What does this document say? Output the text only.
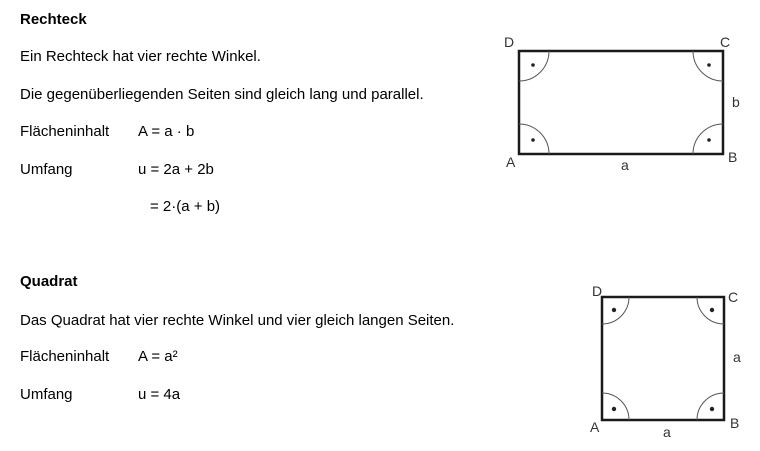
Rechteck
Ein Rechteck hat vier rechte Winkel.
Die gegenüberliegenden Seiten sind gleich lang und parallel.
Flächeninhalt A = a · b
Umfang	u = 2a + 2b
= 2·(a + b)
D	C
A	B
a
b
Quadrat
Das Quadrat hat vier rechte Winkel und vier gleich langen Seiten.
Flächeninhalt A = a²
Umfang	u = 4a
D	C
A	B
a
a
